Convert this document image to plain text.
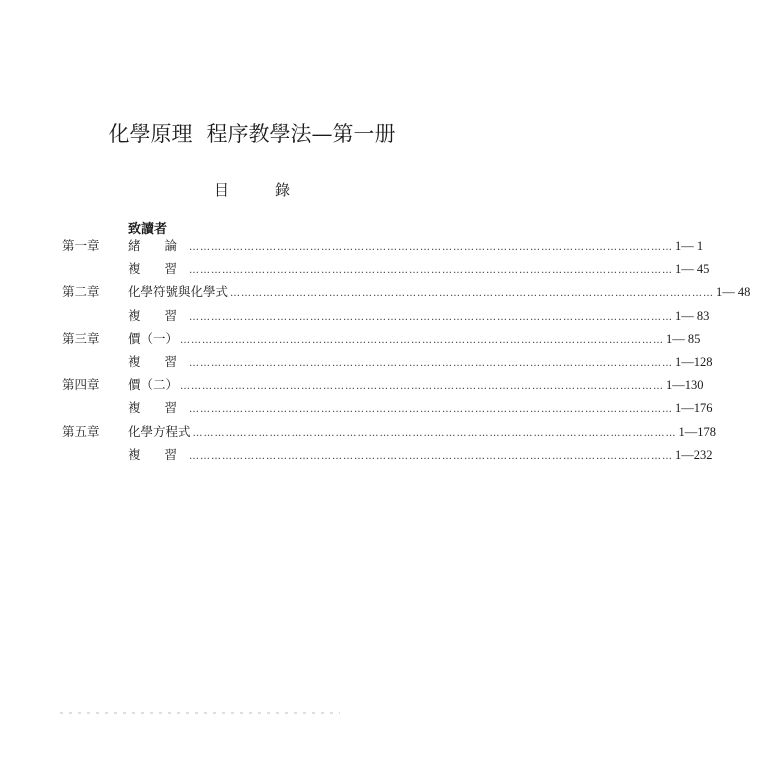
化學原理 程序教學法—第一册
目	錄
致讀者
第一章	緒 論 …………………………………………………………………………………………………………………… 1— 1
複 習 …………………………………………………………………………………………………………………… 1— 45
第二章	化學符號與化學式 …………………………………………………………………………………………………………………… 1— 48
複 習 …………………………………………………………………………………………………………………… 1— 83
第三章	價（一） …………………………………………………………………………………………………………………… 1— 85
複 習 …………………………………………………………………………………………………………………… 1—128
第四章	價（二） …………………………………………………………………………………………………………………… 1—130
複 習 …………………………………………………………………………………………………………………… 1—176
第五章	化學方程式 …………………………………………………………………………………………………………………… 1—178
複 習 …………………………………………………………………………………………………………………… 1—232
